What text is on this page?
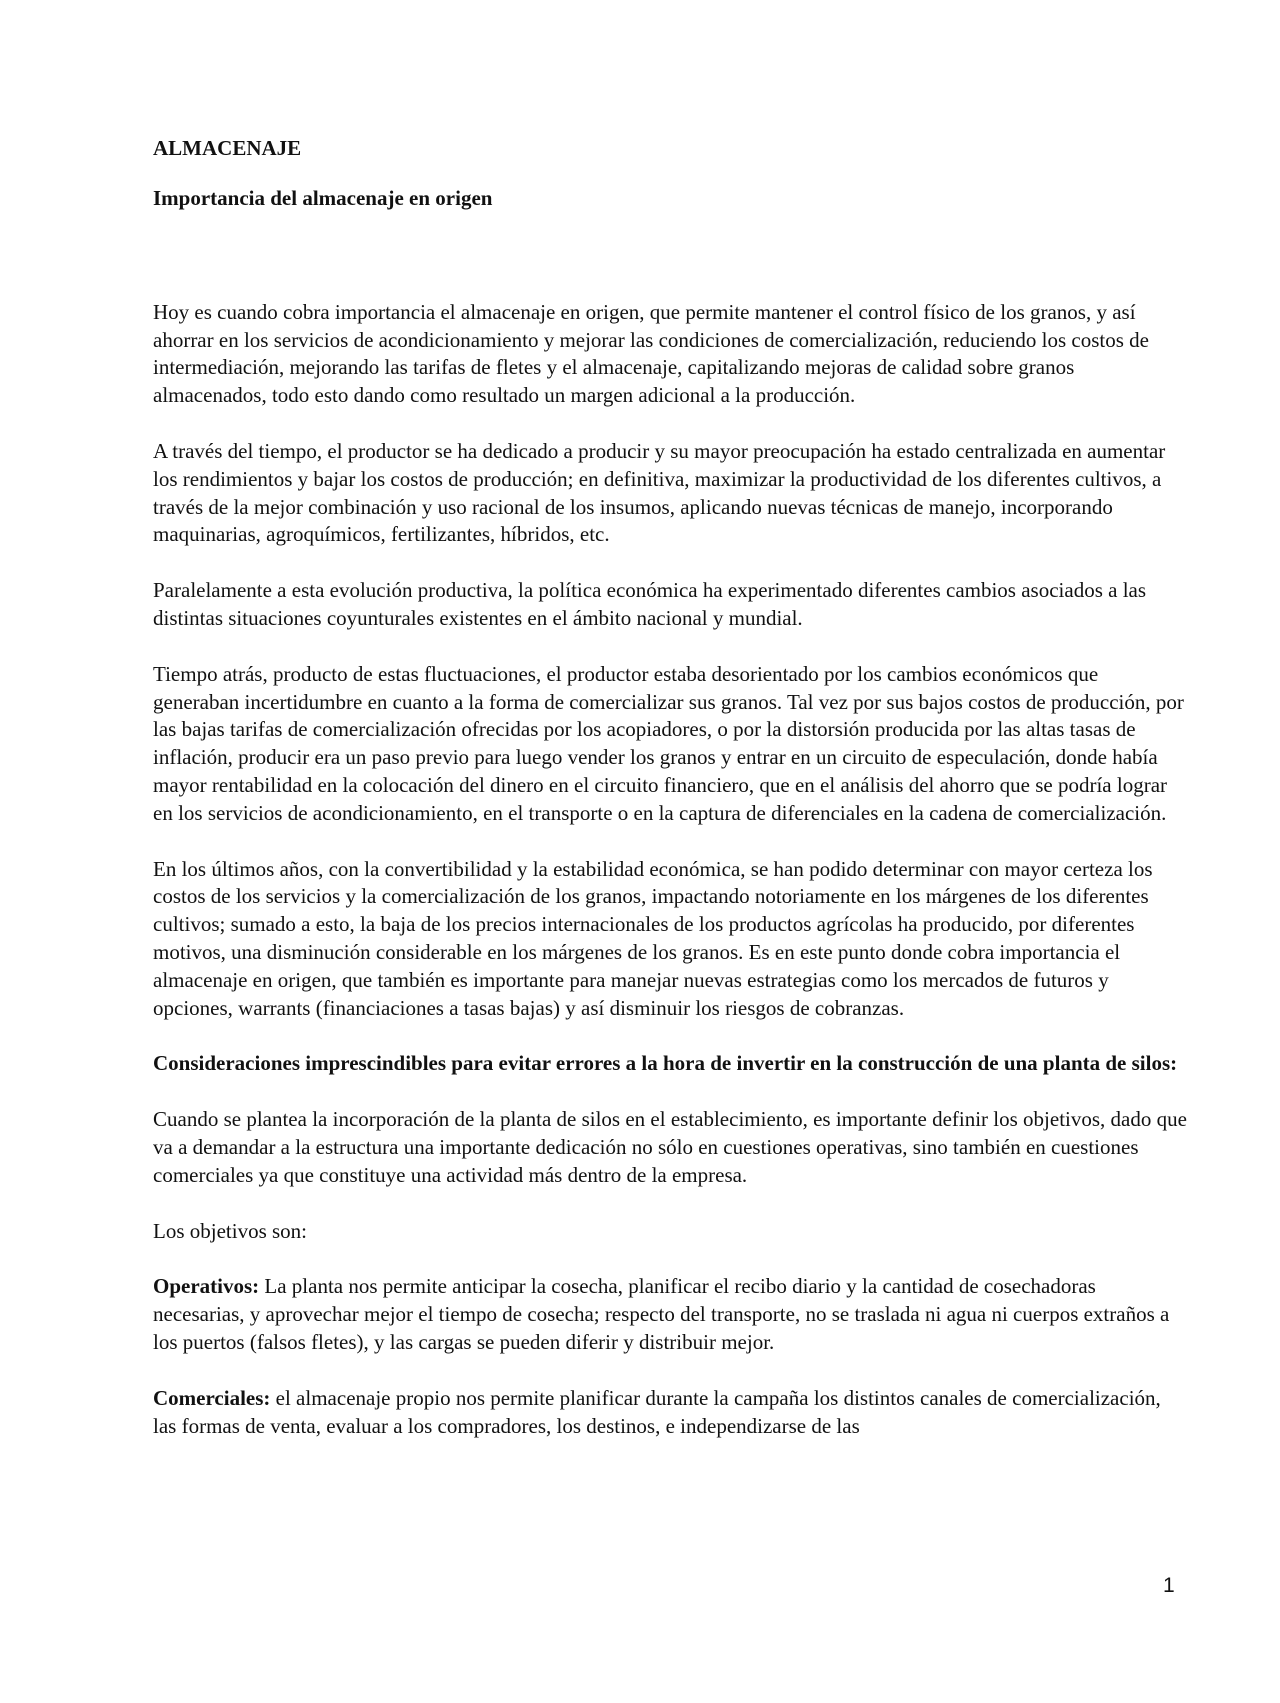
ALMACENAJE

Importancia del almacenaje en origen

Hoy es cuando cobra importancia el almacenaje en origen, que permite mantener el control físico de los granos, y así ahorrar en los servicios de acondicionamiento y mejorar las condiciones de comercialización, reduciendo los costos de intermediación, mejorando las tarifas de fletes y el almacenaje, capitalizando mejoras de calidad sobre granos almacenados, todo esto dando como resultado un margen adicional a la producción.

A través del tiempo, el productor se ha dedicado a producir y su mayor preocupación ha estado centralizada en aumentar los rendimientos y bajar los costos de producción; en definitiva, maximizar la productividad de los diferentes cultivos, a través de la mejor combinación y uso racional de los insumos, aplicando nuevas técnicas de manejo, incorporando maquinarias, agroquímicos, fertilizantes, híbridos, etc.

Paralelamente a esta evolución productiva, la política económica ha experimentado diferentes cambios asociados a las distintas situaciones coyunturales existentes en el ámbito nacional y mundial.

Tiempo atrás, producto de estas fluctuaciones, el productor estaba desorientado por los cambios económicos que generaban incertidumbre en cuanto a la forma de comercializar sus granos. Tal vez por sus bajos costos de producción, por las bajas tarifas de comercialización ofrecidas por los acopiadores, o por la distorsión producida por las altas tasas de inflación, producir era un paso previo para luego vender los granos y entrar en un circuito de especulación, donde había mayor rentabilidad en la colocación del dinero en el circuito financiero, que en el análisis del ahorro que se podría lograr en los servicios de acondicionamiento, en el transporte o en la captura de diferenciales en la cadena de comercialización.

En los últimos años, con la convertibilidad y la estabilidad económica, se han podido determinar con mayor certeza los costos de los servicios y la comercialización de los granos, impactando notoriamente en los márgenes de los diferentes cultivos; sumado a esto, la baja de los precios internacionales de los productos agrícolas ha producido, por diferentes motivos, una disminución considerable en los márgenes de los granos. Es en este punto donde cobra importancia el almacenaje en origen, que también es importante para manejar nuevas estrategias como los mercados de futuros y opciones, warrants (financiaciones a tasas bajas) y así disminuir los riesgos de cobranzas.

Consideraciones imprescindibles para evitar errores a la hora de invertir en la construcción de una planta de silos:

Cuando se plantea la incorporación de la planta de silos en el establecimiento, es importante definir los objetivos, dado que va a demandar a la estructura una importante dedicación no sólo en cuestiones operativas, sino también en cuestiones comerciales ya que constituye una actividad más dentro de la empresa.

Los objetivos son:

Operativos: La planta nos permite anticipar la cosecha, planificar el recibo diario y la cantidad de cosechadoras necesarias, y aprovechar mejor el tiempo de cosecha; respecto del transporte, no se traslada ni agua ni cuerpos extraños a los puertos (falsos fletes), y las cargas se pueden diferir y distribuir mejor.

Comerciales: el almacenaje propio nos permite planificar durante la campaña los distintos canales de comercialización, las formas de venta, evaluar a los compradores, los destinos, e independizarse de las

1
